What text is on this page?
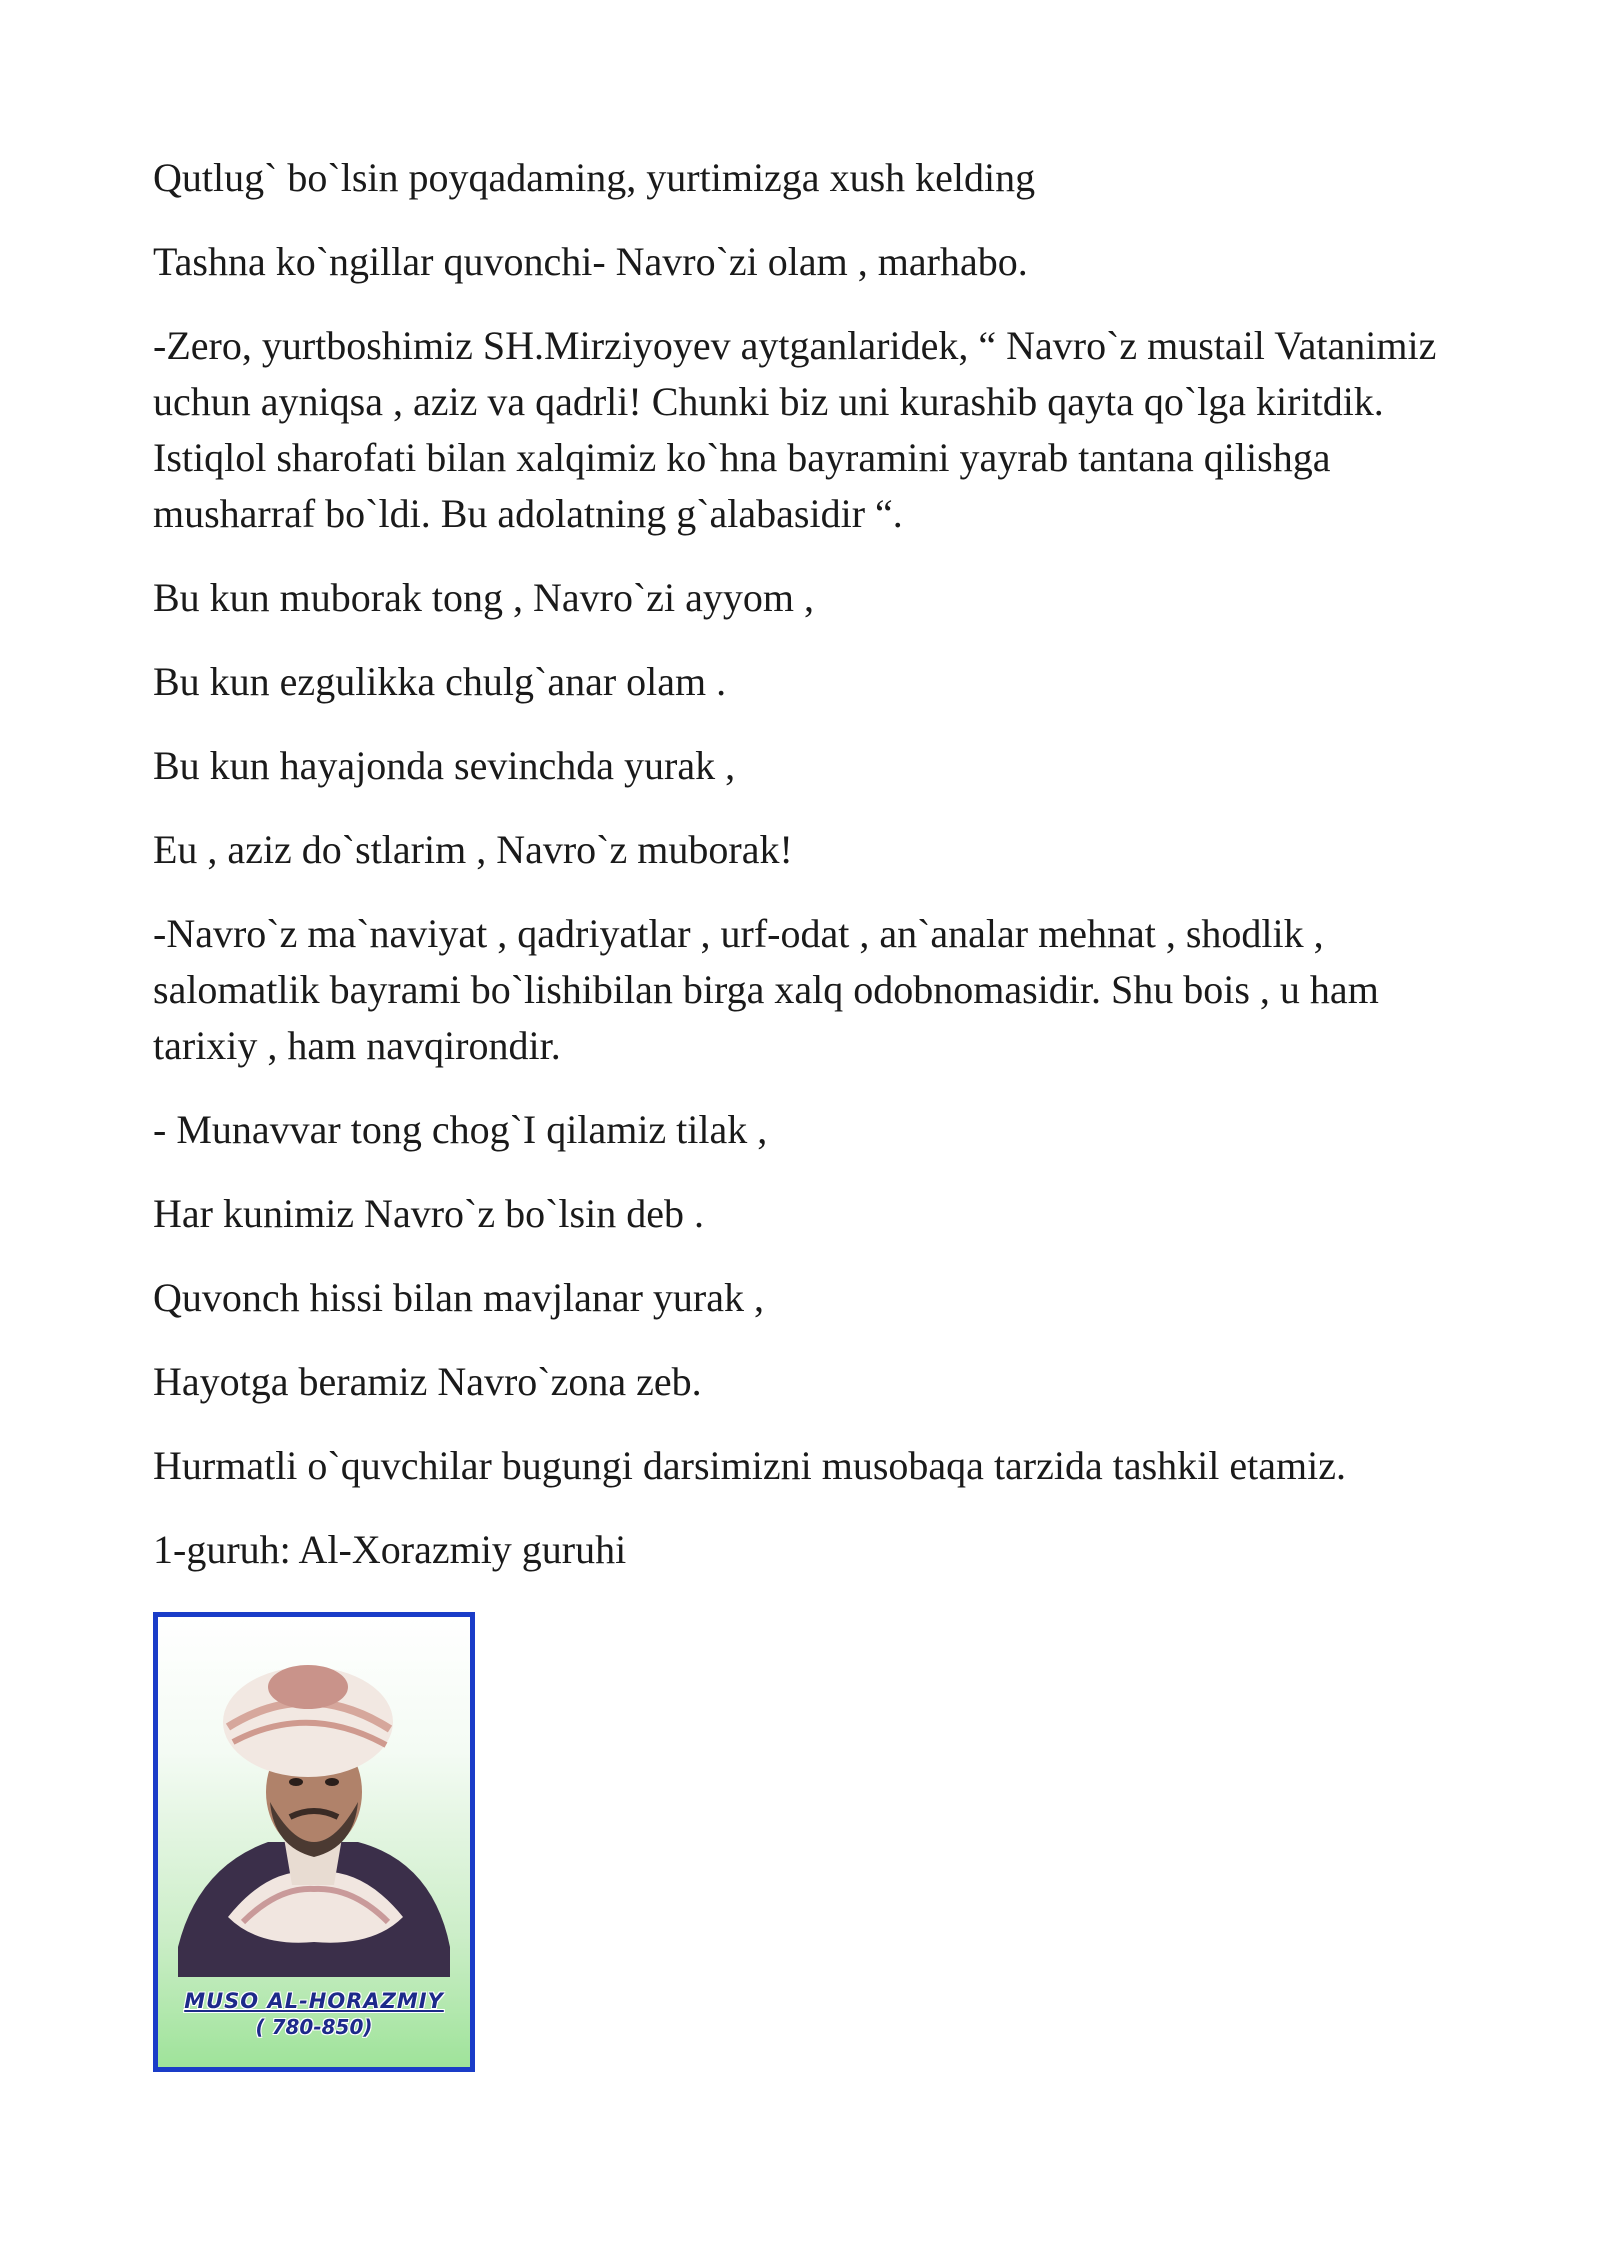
Qutlug` bo`lsin poyqadaming, yurtimizga xush kelding

Tashna ko`ngillar quvonchi- Navro`zi olam , marhabo.

-Zero, yurtboshimiz SH.Mirziyoyev aytganlaridek, “ Navro`z mustail Vatanimiz uchun ayniqsa , aziz va qadrli! Chunki biz uni kurashib qayta qo`lga kiritdik. Istiqlol sharofati bilan xalqimiz ko`hna bayramini yayrab tantana qilishga musharraf bo`ldi. Bu adolatning g`alabasidir “.

Bu kun muborak tong , Navro`zi ayyom ,

Bu kun ezgulikka chulg`anar olam .

Bu kun hayajonda sevinchda yurak ,

Eu , aziz do`stlarim , Navro`z muborak!

-Navro`z ma`naviyat , qadriyatlar , urf-odat , an`analar mehnat , shodlik , salomatlik bayrami bo`lishibilan birga xalq odobnomasidir. Shu bois , u ham tarixiy , ham navqirondir.

- Munavvar tong chog`I qilamiz tilak ,

Har kunimiz Navro`z bo`lsin deb .

Quvonch hissi bilan mavjlanar yurak ,

Hayotga beramiz Navro`zona zeb.

Hurmatli o`quvchilar bugungi darsimizni musobaqa tarzida tashkil etamiz.

1-guruh: Al-Xorazmiy guruhi

MUSO AL-HORAZMIY
( 780-850)
